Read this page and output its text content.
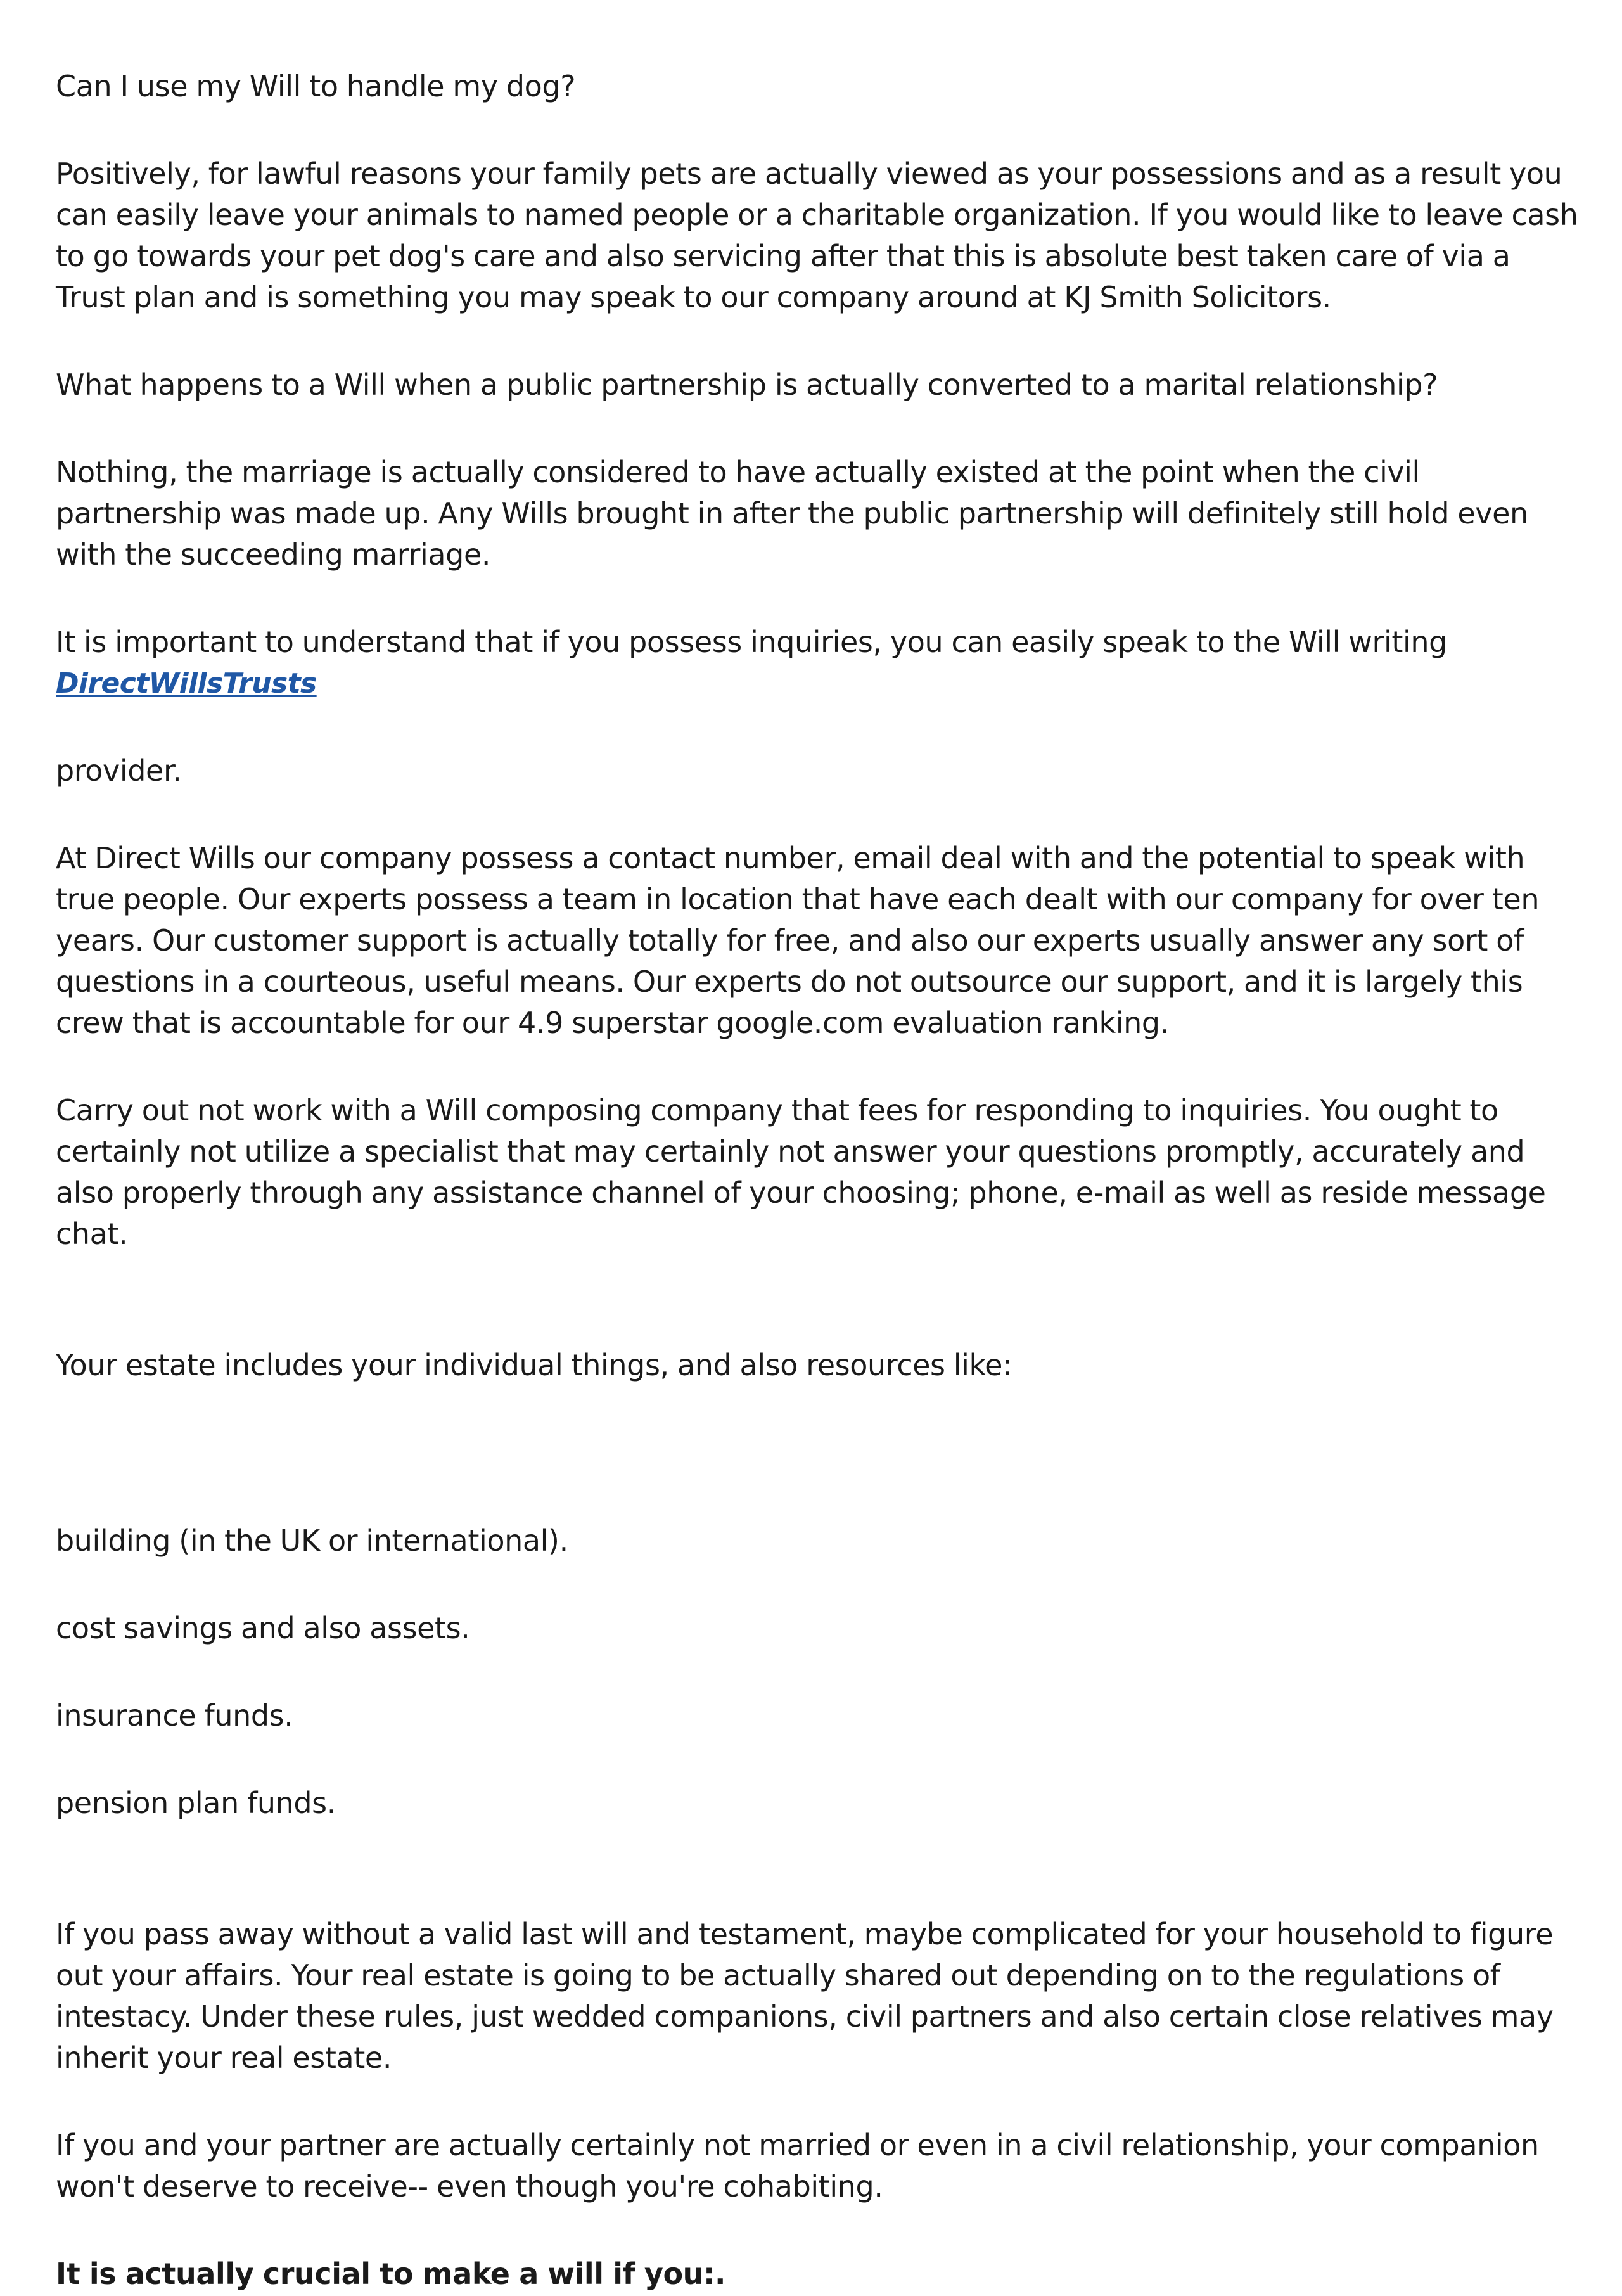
Can I use my Will to handle my dog?

Positively, for lawful reasons your family pets are actually viewed as your possessions and as a result you can easily leave your animals to named people or a charitable organization. If you would like to leave cash to go towards your pet dog's care and also servicing after that this is absolute best taken care of via a Trust plan and is something you may speak to our company around at KJ Smith Solicitors.

What happens to a Will when a public partnership is actually converted to a marital relationship?

Nothing, the marriage is actually considered to have actually existed at the point when the civil partnership was made up. Any Wills brought in after the public partnership will definitely still hold even with the succeeding marriage.

It is important to understand that if you possess inquiries, you can easily speak to the Will writing

DirectWillsTrusts

provider.

At Direct Wills our company possess a contact number, email deal with and the potential to speak with true people. Our experts possess a team in location that have each dealt with our company for over ten years. Our customer support is actually totally for free, and also our experts usually answer any sort of questions in a courteous, useful means. Our experts do not outsource our support, and it is largely this crew that is accountable for our 4.9 superstar google.com evaluation ranking.

Carry out not work with a Will composing company that fees for responding to inquiries. You ought to certainly not utilize a specialist that may certainly not answer your questions promptly, accurately and also properly through any assistance channel of your choosing; phone, e-mail as well as reside message chat.

Your estate includes your individual things, and also resources like:

building (in the UK or international).

cost savings and also assets.

insurance funds.

pension plan funds.

If you pass away without a valid last will and testament, maybe complicated for your household to figure out your affairs. Your real estate is going to be actually shared out depending on to the regulations of intestacy. Under these rules, just wedded companions, civil partners and also certain close relatives may inherit your real estate.

If you and your partner are actually certainly not married or even in a civil relationship, your companion won't deserve to receive-- even though you're cohabiting.

It is actually crucial to make a will if you:.
